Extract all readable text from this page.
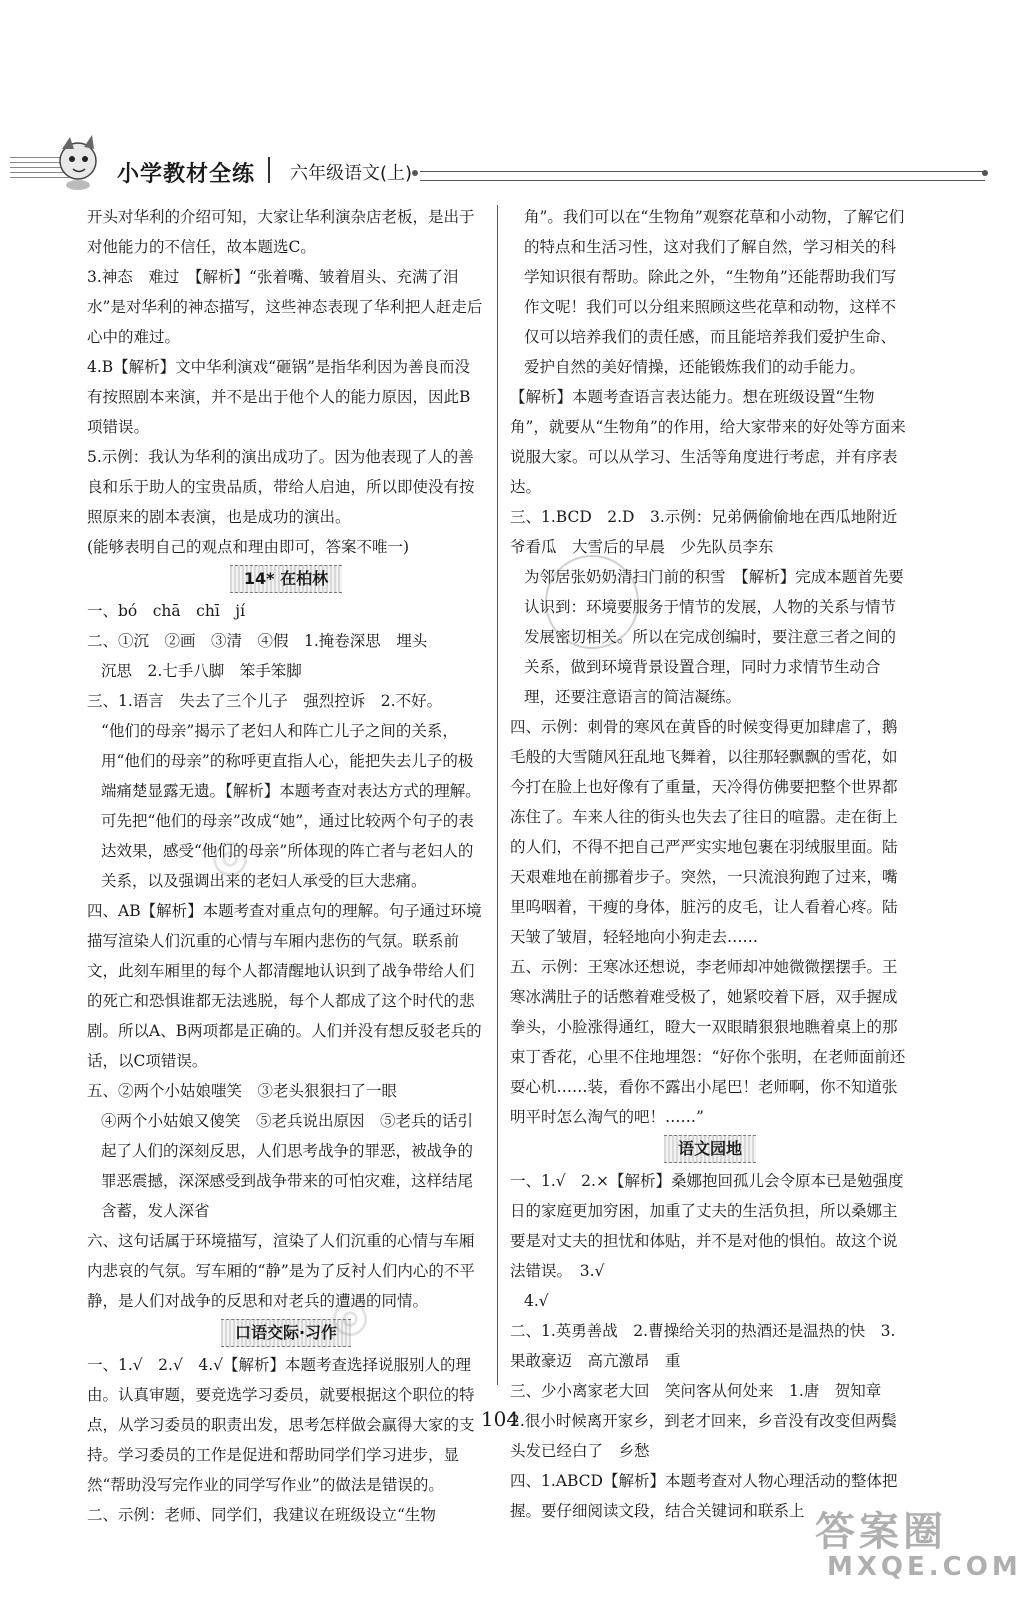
小学教材全练 六年级语文(上)

开头对华利的介绍可知，大家让华利演杂店老板，是出于对他能力的不信任，故本题选C。

3.神态　难过　【解析】“张着嘴、皱着眉头、充满了泪水”是对华利的神态描写，这些神态表现了华利把人赶走后心中的难过。

4.B【解析】文中华利演戏“砸锅”是指华利因为善良而没有按照剧本来演，并不是出于他个人的能力原因，因此B项错误。

5.示例：我认为华利的演出成功了。因为他表现了人的善良和乐于助人的宝贵品质，带给人启迪，所以即使没有按照原来的剧本表演，也是成功的演出。

(能够表明自己的观点和理由即可，答案不唯一)

14* 在柏林

一、bó　chā　chī　jí

二、①沉　②画　③清　④假　1.掩卷深思　埋头

沉思　2.七手八脚　笨手笨脚

三、1.语言　失去了三个儿子　强烈控诉　2.不好。

“他们的母亲”揭示了老妇人和阵亡儿子之间的关系，用“他们的母亲”的称呼更直指人心，能把失去儿子的极端痛楚显露无遗。【解析】本题考查对表达方式的理解。可先把“他们的母亲”改成“她”，通过比较两个句子的表达效果，感受“他们的母亲”所体现的阵亡者与老妇人的关系，以及强调出来的老妇人承受的巨大悲痛。

四、AB【解析】本题考查对重点句的理解。句子通过环境描写渲染人们沉重的心情与车厢内悲伤的气氛。联系前文，此刻车厢里的每个人都清醒地认识到了战争带给人们的死亡和恐惧谁都无法逃脱，每个人都成了这个时代的悲剧。所以A、B两项都是正确的。人们并没有想反驳老兵的话，以C项错误。

五、②两个小姑娘嗤笑　③老头狠狠扫了一眼

④两个小姑娘又傻笑　⑤老兵说出原因　⑤老兵的话引起了人们的深刻反思，人们思考战争的罪恶，被战争的罪恶震撼，深深感受到战争带来的可怕灾难，这样结尾含蓄，发人深省

六、这句话属于环境描写，渲染了人们沉重的心情与车厢内悲哀的气氛。写车厢的“静”是为了反衬人们内心的不平静，是人们对战争的反思和对老兵的遭遇的同情。

口语交际·习作

一、1.√　2.√　4.√【解析】本题考查选择说服别人的理由。认真审题，要竞选学习委员，就要根据这个职位的特点，从学习委员的职责出发，思考怎样做会赢得大家的支持。学习委员的工作是促进和帮助同学们学习进步，显然“帮助没写完作业的同学写作业”的做法是错误的。

二、示例：老师、同学们，我建议在班级设立“生物

角”。我们可以在“生物角”观察花草和小动物，了解它们的特点和生活习性，这对我们了解自然，学习相关的科学知识很有帮助。除此之外，“生物角”还能帮助我们写作文呢！我们可以分组来照顾这些花草和动物，这样不仅可以培养我们的责任感，而且能培养我们爱护生命、爱护自然的美好情操，还能锻炼我们的动手能力。

【解析】本题考查语言表达能力。想在班级设置“生物角”，就要从“生物角”的作用，给大家带来的好处等方面来说服大家。可以从学习、生活等角度进行考虑，并有序表达。

三、1.BCD　2.D　3.示例：兄弟俩偷偷地在西瓜地附近爷看瓜　大雪后的早晨　少先队员李东

为邻居张奶奶清扫门前的积雪　【解析】完成本题首先要认识到：环境要服务于情节的发展，人物的关系与情节发展密切相关。所以在完成创编时，要注意三者之间的关系，做到环境背景设置合理，同时力求情节生动合理，还要注意语言的简洁凝练。

四、示例：刺骨的寒风在黄昏的时候变得更加肆虐了，鹅毛般的大雪随风狂乱地飞舞着，以往那轻飘飘的雪花，如今打在脸上也好像有了重量，天冷得仿佛要把整个世界都冻住了。车来人往的街头也失去了往日的喧嚣。走在街上的人们，不得不把自己严严实实地包裹在羽绒服里面。陆天艰难地在前挪着步子。突然，一只流浪狗跑了过来，嘴里呜咽着，干瘦的身体，脏污的皮毛，让人看着心疼。陆天皱了皱眉，轻轻地向小狗走去……

五、示例：王寒冰还想说，李老师却冲她微微摆摆手。王寒冰满肚子的话憋着难受极了，她紧咬着下唇，双手握成拳头，小脸涨得通红，瞪大一双眼睛狠狠地瞧着桌上的那束丁香花，心里不住地埋怨：“好你个张明，在老师面前还耍心机……装，看你不露出小尾巴！老师啊，你不知道张明平时怎么淘气的吧！……”

语文园地

一、1.√　2.×【解析】桑娜抱回孤儿会令原本已是勉强度日的家庭更加穷困，加重了丈夫的生活负担，所以桑娜主要是对丈夫的担忧和体贴，并不是对他的惧怕。故这个说法错误。　3.√

4.√

二、1.英勇善战　2.曹操给关羽的热酒还是温热的快　3.果敢豪迈　高亢激昂　重

三、少小离家老大回　笑问客从何处来　1.唐　贺知章　2.很小时候离开家乡，到老才回来，乡音没有改变但两鬓头发已经白了　乡愁

四、1.ABCD【解析】本题考查对人物心理活动的整体把握。要仔细阅读文段，结合关键词和联系上

◎
◎
104
答案圈
MXQE.COM
